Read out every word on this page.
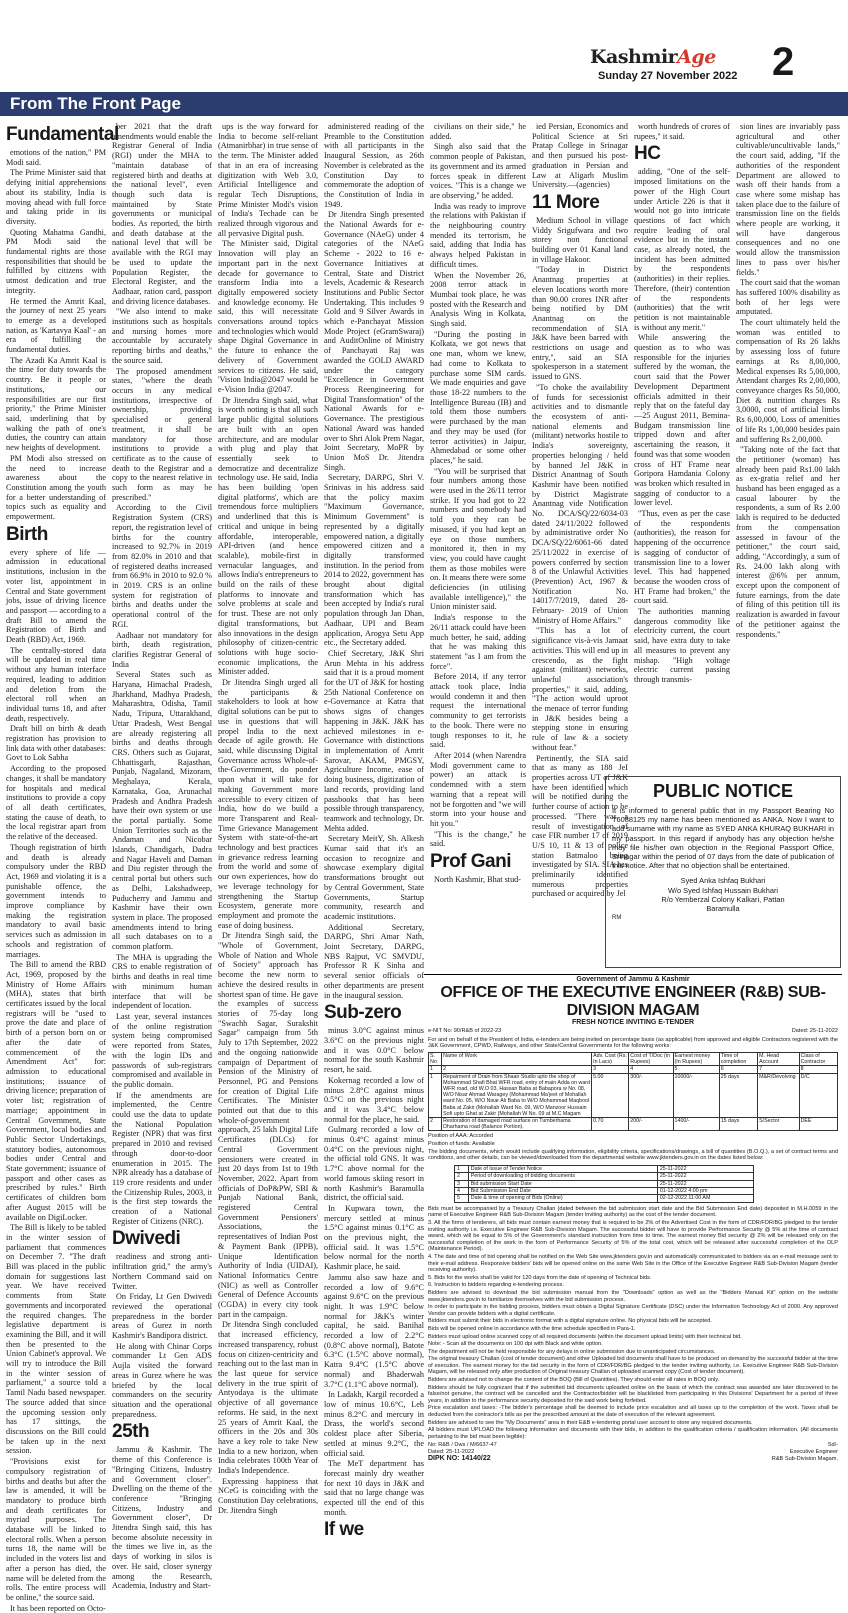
KashmirAge
Sunday 27 November 2022 2
From The Front Page
Fundamental

emotions of the nation," PM Modi said.

The Prime Minister said that defying initial apprehensions about its stability, India is moving ahead with full force and taking pride in its diversity.

Quoting Mahatma Gandhi, PM Modi said the fundamental rights are those responsibilities that should be fulfilled by citizens with utmost dedication and true integrity.

He termed the Amrit Kaal, the journey of next 25 years to emerge as a developed nation, as 'Kartavya Kaal' - an era of fulfilling the fundamental duties.

The Azadi Ka Amrit Kaal is the time for duty towards the country. Be it people or institutions, our responsibilities are our first priority," the Prime Minister said, underlining that by walking the path of one's duties, the country can attain new heights of development.

PM Modi also stressed on the need to increase awareness about the Constitution among the youth for a better understanding of topics such as equality and empowerment.

Birth

every sphere of life — admission in educational institutions, inclusion in the voter list, appointment in Central and State government jobs, issue of driving licence and passport — according to a draft Bill to amend the Registration of Birth and Death (RBD) Act, 1969.

The centrally-stored data will be updated in real time without any human interface required, leading to addition and deletion from the electoral roll when an individual turns 18, and after death, respectively.

Draft bill on birth & death registration has provision to link data with other databases: Govt to Lok Sabha

According to the proposed changes, it shall be mandatory for hospitals and medical institutions to provide a copy of all death certificates, stating the cause of death, to the local registrar apart from the relative of the deceased.

Though registration of birth and death is already compulsory under the RBD Act, 1969 and violating it is a punishable offence, the government intends to improve compliance by making the registration mandatory to avail basic services such as admission in schools and registration of marriages.

The Bill to amend the RBD Act, 1969, proposed by the Ministry of Home Affairs (MHA), states that birth certificates issued by the local registrars will be "used to prove the date and place of birth of a person born on or after the date of commencement of the Amendment Act" for: admission to educational institutions; issuance of driving licence; preparation of voter list; registration of marriage; appointment in Central Government, State Government, local bodies and Public Sector Undertakings, statutory bodies, autonomous bodies under Central and State government; issuance of passport and other cases as prescribed by rules." Birth certificates of children born after August 2015 will be available on DigiLocker.

The Bill is likely to be tabled in the winter session of parliament that commences on December 7. "The draft Bill was placed in the public domain for suggestions last year. We have received comments from State governments and incorporated the required changes. The legislative department is examining the Bill, and it will then be presented to the Union Cabinet's approval. We will try to introduce the Bill in the winter session of parliament," a source told a Tamil Nadu based newspaper. The source added that since the upcoming session only has 17 sittings, the discussions on the Bill could be taken up in the next session.

"Provisions exist for compulsory registration of births and deaths but after the law is amended, it will be mandatory to produce birth and death certificates for myriad purposes. The database will be linked to electoral rolls. When a person turns 18, the name will be included in the voters list and after a person has died, the name will be deleted from the rolls. The entire process will be online," the source said.

It has been reported on Octo-

ber 2021 that the draft amendments would enable the Registrar General of India (RGI) under the MHA to "maintain database of registered birth and deaths at the national level", even though such data is maintained by State governments or municipal bodies. As reported, the birth and death database at the national level that will be available with the RGI may be used to update the Population Register, the Electoral Register, and the Aadhaar, ration card, passport and driving licence databases.

"We also intend to make institutions such as hospitals and nursing homes more accountable by accurately reporting births and deaths," the source said.

The proposed amendment states, "where the death occurs in any medical institutions, irrespective of ownership, providing specialised or general treatment, it shall be mandatory for those institutions to provide a certificate as to the cause of death to the Registrar and a copy to the nearest relative in such form as may be prescribed."

According to the Civil Registration System (CRS) report, the registration level of births for the country increased to 92.7% in 2019 from 82.0% in 2010 and that of registered deaths increased from 66.9% in 2010 to 92.0 % in 2019. CRS is an online system for registration of births and deaths under the operational control of the RGI.

Aadhaar not mandatory for birth, death registration, clarifies Registrar General of India

Several States such as Haryana, Himachal Pradesh, Jharkhand, Madhya Pradesh, Maharashtra, Odisha, Tamil Nadu, Tripura, Uttarakhand, Uttar Pradesh, West Bengal are already registering all births and deaths through CRS. Others such as Gujarat, Chhattisgarh, Rajasthan, Punjab, Nagaland, Mizoram, Meghalaya, Kerala, Karnataka, Goa, Arunachal Pradesh and Andhra Pradesh have their own system or use the portal partially. Some Union Territories such as the Andaman and Nicobar Islands, Chandigarh, Dadra and Nagar Haveli and Daman and Diu register through the central portal but others such as Delhi, Lakshadweep, Puducherry and Jammu and Kashmir have their own system in place. The proposed amendments intend to bring all such databases on to a common platform.

The MHA is upgrading the CRS to enable registration of births and deaths in real time with minimum human interface that will be independent of location.

Last year, several instances of the online registration system being compromised were reported from States, with the login IDs and passwords of sub-registrars compromised and available in the public domain.

If the amendments are implemented, the Centre could use the data to update the National Population Register (NPR) that was first prepared in 2010 and revised through door-to-door enumeration in 2015. The NPR already has a database of 119 crore residents and under the Citizenship Rules, 2003, it is the first step towards the creation of a National Register of Citizens (NRC).

Dwivedi

readiness and strong anti-infiltration grid," the army's Northern Command said on Twitter.

On Friday, Lt Gen Dwivedi reviewed the operational preparedness in the border areas of Gurez in north Kashmir's Bandipora district.

He along with Chinar Corps commander Lt Gen ADS Aujla visited the forward areas in Gurez where he was briefed by the local commanders on the security situation and the operational preparedness.

25th

Jammu & Kashmir. The theme of this Conference is "Bringing Citizens, Industry and Government closer". Dwelling on the theme of the conference "Bringing Citizens, Industry and Government closer", Dr Jitendra Singh said, this has become absolute necessity in the times we live in, as the days of working in silos is over. He said, closer synergy among the Research, Academia, Industry and Start-

ups is the way forward for India to become self-reliant (Atmanirbhar) in true sense of the term. The Minister added that in an era of increasing digitization with Web 3.0, Artificial Intelligence and regular Tech Disruptions, Prime Minister Modi's vision of India's Techade can be realized through vigorous and all pervasive Digital push.

The Minister said, Digital Innovation will play an important part in the next decade for governance to transform India into a digitally empowered society and knowledge economy. He said, this will necessitate conversations around topics and technologies which would shape Digital Governance in the future to enhance the delivery of Government services to citizens. He said, 'Vision India@2047 would be e-Vision India @2047.

Dr Jitendra Singh said, what is worth noting is that all such large public digital solutions are built with an open architecture, and are modular with plug and play that essentially seek to democratize and decentralize technology use. He said, India has been building 'open digital platforms', which are tremendous force multipliers and underlined that this is critical and unique in being affordable, interoperable, API-driven (and hence scalable), mobile-first in vernacular languages, and allows India's entrepreneurs to build on the rails of these platforms to innovate and solve problems at scale and for trust. These are not only digital transformations, but also innovations in the design philosophy of citizen-centric solutions with huge socio-economic implications, the Minister added.

Dr Jitendra Singh urged all the participants & stakeholders to look at how digital solutions can be put to use in questions that will propel India to the next decade of agile growth. He said, while discussing Digital Governance across Whole-of-the-Government, do ponder upon what it will take for making Government more accessible to every citizen of India, how do we build a more Transparent and Real-Time Grievance Management System with state-of-the-art technology and best practices in grievance redress learning from the world and some of our own experiences, how do we leverage technology for strengthening the Startup Ecosystem, generate more employment and promote the ease of doing business.

Dr Jitendra Singh said, the "Whole of Government, Whole of Nation and Whole of Society" approach has become the new norm to achieve the desired results in shortest span of time. He gave the examples of success stories of 75-day long "Swachh Sagar, Surakshit Sagar" campaign from 5th July to 17th September, 2022 and the ongoing nationwide campaign of Department of Pension of the Ministry of Personnel, PG and Pensions for creation of Digital Life Certificates. The Minister pointed out that due to this whole-of-government approach, 25 lakh Digital Life Certificates (DLCs) for Central Government pensioners were created in just 20 days from 1st to 19th November, 2022. Apart from officials of DoP&PW, SBI & Punjab National Bank, registered Central Government Pensioners' Associations, the representatives of Indian Post & Payment Bank (IPPB), Unique Identification Authority of India (UIDAI), National Informatics Centre (NIC) as well as Controller General of Defence Accounts (CGDA) in every city took part in the campaign.

Dr Jitendra Singh concluded that increased efficiency, increased transparency, robust focus on citizen-centricity and reaching out to the last man in the last queue for service delivery in the true spirit of Antyodaya is the ultimate objective of all governance reforms. He said, in the next 25 years of Amrit Kaal, the officers in the 20s and 30s have a key role to take New India to a new horizon, when India celebrates 100th Year of India's Independence.

Expressing happiness that NCeG is coinciding with the Constitution Day celebrations, Dr. Jitendra Singh

administered reading of the Preamble to the Constitution with all participants in the Inaugural Session, as 26th November is celebrated as the Constitution Day to commemorate the adoption of the Constitution of India in 1949.

Dr Jitendra Singh presented the National Awards for e-Governance (NAeG) under 4 categories of the NAeG Scheme - 2022 to 16 e-Governance Initiatives at Central, State and District levels, Academic & Research Institutions and Public Sector Undertaking. This includes 9 Gold and 9 Silver Awards in which e-Panchayat Mission Mode Project (eGramSwaraj) and AuditOnline of Ministry of Panchayati Raj was awarded the GOLD AWARD under the category "Excellence in Government Process Reengineering for Digital Transformation" of the National Awards for e-Governance. The prestigious National Award was handed over to Shri Alok Prem Nagar, Joint Secretary, MoPR by Union MoS Dr. Jitendra Singh.

Secretary, DARPG, Shri V. Srinivas in his address said that the policy maxim "Maximum Governance, Minimum Government" is represented by a digitally empowered nation, a digitally empowered citizen and a digitally transformed institution. In the period from 2014 to 2022, government has brought about digital transformation which has been accepted by India's rural population through Jan Dhan, Aadhaar, UPI and Beam application, Arogya Setu App etc., the Secretary added.

Chief Secretary, J&K Shri Arun Mehta in his address said that it is a proud moment for the UT of J&K for hosting 25th National Conference on e-Governance at Katra that shows signs of changes happening in J&K. J&K has achieved milestones in e-Governance with distinctions in implementation of Amrit Sarovar, AKAM, PMGSY, Agriculture Income, ease of doing business, digitization of land records, providing land passbooks that has been possible through transparency, teamwork and technology, Dr. Mehta added.

Secretary MeitY, Sh. Alkesh Kumar said that it's an occasion to recognize and showcase exemplary digital transformations brought out by Central Government, State Governments, Startup community, research and academic institutions.

Additional Secretary, DARPG, Shri Amar Nath, Joint Secretary, DARPG, NBS Rajput, VC SMVDU, Professor R K Sinha and several senior officials of other departments are present in the inaugural session.

Sub-zero

minus 3.0°C against minus 3.6°C on the previous night and it was 0.0°C below normal for the south Kashmir resort, he said.

Kokernag recorded a low of minus 2.8°C against minus 0.5°C on the previous night and it was 3.4°C below normal for the place, he said.

Gulmarg recorded a low of minus 0.4°C against minus 0.4°C on the previous night, the official told GNS. It was 1.7°C above normal for the world famous skiing resort in north Kashmir's Baramulla district, the official said.

In Kupwara town, the mercury settled at minus 1.5°C against minus 0.1°C as on the previous night, the official said. It was 1.5°C below normal for the north Kashmir place, he said.

Jammu also saw haze and recorded a low of 9.6°C against 9.6°C on the previous night. It was 1.9°C below normal for J&K's winter capital, he said. Banihal recorded a low of 2.2°C (0.8°C above normal), Batote 6.3°C (1.5°C above normal), Katra 9.4°C (1.5°C above normal) and Bhaderwah 3.7°C (1.1°C above normal).

In Ladakh, Kargil recorded a low of minus 10.6°C, Leh minus 8.2°C and mercury in Drass, the world's second coldest place after Siberia, settled at minus 9.2°C, the official said.

The MeT department has forecast mainly dry weather for next 10 days in J&K and said that no large change was expected till the end of this month.

If we

civilians on their side," he added.

Singh also said that the common people of Pakistan, its government and its armed forces speak in different voices. "This is a change we are observing," he added.

India was ready to improve the relations with Pakistan if the neighbouring country mended its terrorism, he said, adding that India has always helped Pakistan in difficult times.

When the November 26, 2008 terror attack in Mumbai took place, he was posted with the Research and Analysis Wing in Kolkata, Singh said.

"During the posting in Kolkata, we got news that one man, whom we knew, had come to Kolkata to purchase some SIM cards. We made enquiries and gave those 18-22 numbers to the Intelligence Bureau (IB) and told them those numbers were purchased by the man and they may be used (for terror activities) in Jaipur, Ahmedabad or some other places," he said.

"You will be surprised that four numbers among those were used in the 26/11 terror strike. If you had got to 22 numbers and somebody had told you they can be misused, if you had kept an eye on those numbers, monitored it, then in my view, you could have caught them as those mobiles were on. It means there were some deficiencies (in utilising available intelligence)," the Union minister said.

India's response to the 26/11 attack could have been much better, he said, adding that he was making this statement "as I am from the force".

Before 2014, if any terror attack took place, India would condemn it and then request the international community to get terrorists to the book. There were no tough responses to it, he said.

After 2014 (when Narendra Modi government came to power) an attack is condemned with a stern warning that a repeat will not be forgotten and "we will storm into your house and hit you."

"This is the change," he said.

Prof Gani

North Kashmir, Bhat stud-

ied Persian, Economics and Political Science at Sri Pratap College in Srinagar and then pursued his post-graduation in Persian and Law at Aligarh Muslim University.—(agencies)

11 More

Medium School in village Viddy Srigufwara and two storey non functional building over 01 Kanal land in village Hakoor.

"Today in District Anantnag properties at eleven locations worth more than 90.00 crores INR after being notified by DM Anantnag on the recommendation of SIA J&K have been barred with restrictions on usage and entry,", said an SIA spokesperson in a statement issued to GNS.

"To choke the availability of funds for secessionist activities and to dismantle the ecosystem of anti-national elements and (militant) networks hostile to India's sovereignty, properties belonging / held by banned Jel J&K in District Anantnag of South Kashmir have been notified by District Magistrate Anantnag vide Notification No. DCA/SQ/22/6034-03 dated 24/11/2022 followed by administrative order No DCA/SQ/22/6061-66 dated 25/11/2022 in exercise of powers conferred by section 8 of the Unlawful Activities (Prevention) Act, 1967 & Notification No. 14017/7/2019, dated 28- February- 2019 of Union Ministry of Home Affairs."

"This has a lot of significance vis-à-vis Jamaat activities. This will end up in crescendo, as the fight against (militant) networks, unlawful association's properties," it said, adding, "The action would uproot the menace of terror funding in J&K besides being a stepping stone in ensuring rule of law & a society without fear."

Pertinently, the SIA said that as many as 188 JeI properties across UT of J&K have been identified which will be notified during the further course of action to be processed. "There was a result of investigation of case FIR number 17 of 2019 U/S 10, 11 & 13 of police station Batmaloo being investigated by SIA. SIA has preliminarily identified numerous properties purchased or acquired by Jel

worth hundreds of crores of rupees," it said.

HC

adding, "One of the self-imposed limitations on the power of the High Court under Article 226 is that it would not go into intricate questions of fact which require leading of oral evidence but in the instant case, as already noted, the incident has been admitted by the respondents (authorities) in their replies. Therefore, (their) contention of the respondents (authorities) that the writ petition is not maintainable is without any merit."

While answering the question as to who was responsible for the injuries suffered by the woman, the court said that the Power Development Department officials admitted in their reply that on the fateful day—25 August 2011, Bemina-Budgam transmission line tripped down and after ascertaining the reason, it found was that some wooden cross of HT Frame near Goripora Hamdania Colony was broken which resulted in sagging of conductor to a lower level.

"Thus, even as per the case of the respondents (authorities), the reason for happening of the occurrence is sagging of conductor of transmission line to a lower level. This had happened because the wooden cross of HT Frame had broken," the court said.

The authorities manning dangerous commodity like electricity current, the court said, have extra duty to take all measures to prevent any mishap. "High voltage electric current passing through transmis-

sion lines are invariably pass agricultural and other cultivable/uncultivable lands," the court said, adding, "If the authorities of the respondent Department are allowed to wash off their hands from a case where some mishap has taken place due to the failure of transmission line on the fields where people are working, it will have dangerous consequences and no one would allow the transmission lines to pass over his/her fields."

The court said that the woman has suffered 100% disability as both of her legs were amputated.

The court ultimately held the woman was entitled to compensation of Rs 26 lakhs by assessing loss of future earnings at Rs 8,00,000, Medical expenses Rs 5,00,000, Attendant charges Rs 2,00,000, conveyance charges Rs 50,000, Diet & nutrition charges Rs 3,0000, cost of artificial limbs Rs 6,00,000, Loss of amenities of life Rs 1,00,000 besides pain and suffering Rs 2,00,000.

"Taking note of the fact that the petitioner (woman) has already been paid Rs1.00 lakh as ex-gratia relief and her husband has been engaged as a casual labourer by the respondents, a sum of Rs 2.00 lakh is required to be deducted from the compensation assessed in favour of the petitioner," the court said, adding, "Accordingly, a sum of Rs. 24.00 lakh along with interest @6% per annum, except upon the component of future earnings, from the date of filing of this petition till its realization is awarded in favour of the petitioner against the respondents."

PUBLIC NOTICE
It is informed to general public that in my Passport Bearing No T6088125 my name has been mentioned as ANKA. Now I want to add surname with my name as SYED ANKA KHURAQ BUKHARI in my passport. In this regard if anybody has any objection he/she may file his/her own objection in the Regional Passport Office, Srinagar within the period of 07 days from the date of publication of this notice. After that no objection shall be entertained.
Syed Anka Ishfaq Bukhari
W/o Syed Ishfaq Hussain Bukhari
R/o Yemberzal Colony Kalkari, Pattan
Baramulla
RM
Government of Jammu & Kashmir
OFFICE OF THE EXECUTIVE ENGINEER (R&B) SUB-DIVISION MAGAM
FRESH NOTICE INVITING E-TENDER
e-NIT No: 90/R&B of 2022-23	Dated: 25-11-2022
For and on behalf of the President of India, e-tenders are being invited on percentage basis (as applicable) from approved and eligible Contractors registered with the J&K Government, CPWD, Railways, and other State/Central Governments for the following works:
S. No	Name of Work	Adv. Cost (Rs. In Lacs)	Cost of T/Doc (in Rupees)	Earnest money (In Rupees)	Time of completion	M. Head Account	Class of Contractor
1	2	3	4	5	6	7	8
1	Repairment of Drain from Shaan Studio upto the shop of Mohammad Shafi Bhat WFR road, entry of main Adda on ward WFR road, old W.O 03, Hassan Baba at Babapora w No. 08, W/O Nisar Ahmad Waragey (Mohammad Ma'jeet of Mohallah ward No. 05, W/O Nisar Ali Baba to W/O Mohammad Maqbool Baba at Zakir (Mohallah Ward No. 09, W/O Manzoor Hussain Sofi upto Ghat at Zakir (Mohallah W No. 09 at M.C Magam	5.00	300/-	10000/-	25 days	M&R/Devolving	D/C
2	Restoration of damaged road surface on Tumberhama Dharhama road (Balance Portion).	0.70	200/-	1400/-	15 days	S/Sector	DEE
Position of AAA: Accorded
Position of funds: Available
The bidding documents, which would include qualifying information, eligibility criteria, specifications/drawings, a bill of quantities (B.O.Q.), a set of contract terms and conditions, and other details, can be viewed/downloaded from the departmental website www.jktenders.gov.in on the dates listed below:
1	Date of Issue of Tender Notice	25-11-2022
2	Period of downloading of bidding documents	25-11-2022
3	Bid submission Start Date	25-11-2022
4	Bid Submission End Date	01-12-2022 4:00 pm
5	Date & time of opening of Bids (Online)	02-12-2022 11:00 AM
Bids must be accompanied by a Treasury Challan (dated between the bid submission start date and the Bid Submission End date) deposited in M.H.0059 in the name of Executive Engineer R&B Sub-Division Magam (tender inviting authority) as the cost of the tender document.
3. All the firms of tenderers, all bids must contain earnest money that is required to be 2% of the Advertised Cost in the form of CDR/FDR/BG pledged to the tender inviting authority i.e. Executive Engineer R&B Sub-Division Magam. The successful bidder will have to provide Performance Security @ 5% at the time of contract award, which will be equal to 5% of the Government's standard instruction from time to time. The earnest money Bid security @ 2% will be released only on the successful completion of the work in the form of Performance Security of 5% of the total cost, which will be released after successful completion of the DLP (Maintenance Period).
4. The date and time of bid opening shall be notified on the Web Site www.jktenders.gov.in and automatically communicated to bidders via an e-mail message sent to their e-mail address. Responsive bidders' bids will be opened online on the same Web Site in the Office of the Executive Engineer R&B Sub-Division Magam (tender receiving authority).
5. Bids for the works shall be valid for 120 days from the date of opening of Technical bids.
6. Instruction to bidders regarding e-tendering process.
Bidders are advised to download the bid submission manual from the "Downloads" option as well as the "Bidders Manual Kit" option on the website www.jktenders.gov.in to familiarize themselves with the bid submission process.
In order to participate in the bidding process, bidders must obtain a Digital Signature Certificate (DSC) under the Information Technology Act of 2000. Any approved Vendor can provide bidders with a digital certificate.
Bidders must submit their bids in electronic format with a digital signature online. No physical bids will be accepted.
Bids will be opened online in accordance with the time schedule specified in Para-1.
Bidders must upload online scanned copy of all required documents (within the document upload limits) with their technical bid.
Note: - Scan all the documents on 100 dpi with Black and white option.
The department will not be held responsible for any delays in online submission due to unanticipated circumstances.
The original treasury Challan (cost of tender document) and other Uploaded bid documents shall have to be produced on demand by the successful bidder at the time of execution. The earnest money for the bid security in the form of CDR/FDR/BG pledged to the tender inviting authority, i.e. Executive Engineer R&B Sub-Division Magam, will be released only after production of Original treasury Challan of uploaded scanned copy (Cost of tender document).
Bidders are advised not to change the content of the BOQ (Bill of Quantities). They should enter all rates in BOQ only.
Bidders should be fully cognizant that if the submitted bid documents uploaded online on the basis of which the contract was awarded are later discovered to be false/not genuine, the contract will be cancelled and the Contractor/bidder will be blacklisted from participating in this Divisions' Department for a period of three years, in addition to the performance security deposited for the said work being forfeited.
Price escalation and taxes: -The bidder's percentage shall be deemed to include price escalation and all taxes up to the completion of the work. Taxes shall be deducted from the contractor's bills as per the prescribed amount at the date of execution of the relevant agreement.
Bidders are advised to see the "My Documents" area in their E&B e-tendering portal user account to store any required documents.
All bidders must UPLOAD the following information and documents with their bids, in addition to the qualification criteria / qualification information. (All documents pertaining to the bid must been legible):
No: R&B / Dws / M/6637-47
Dated: 25-11-2022
DIPK NO: 14140/22
Sd/-
Executive Engineer
R&B Sub-Division Magam.
